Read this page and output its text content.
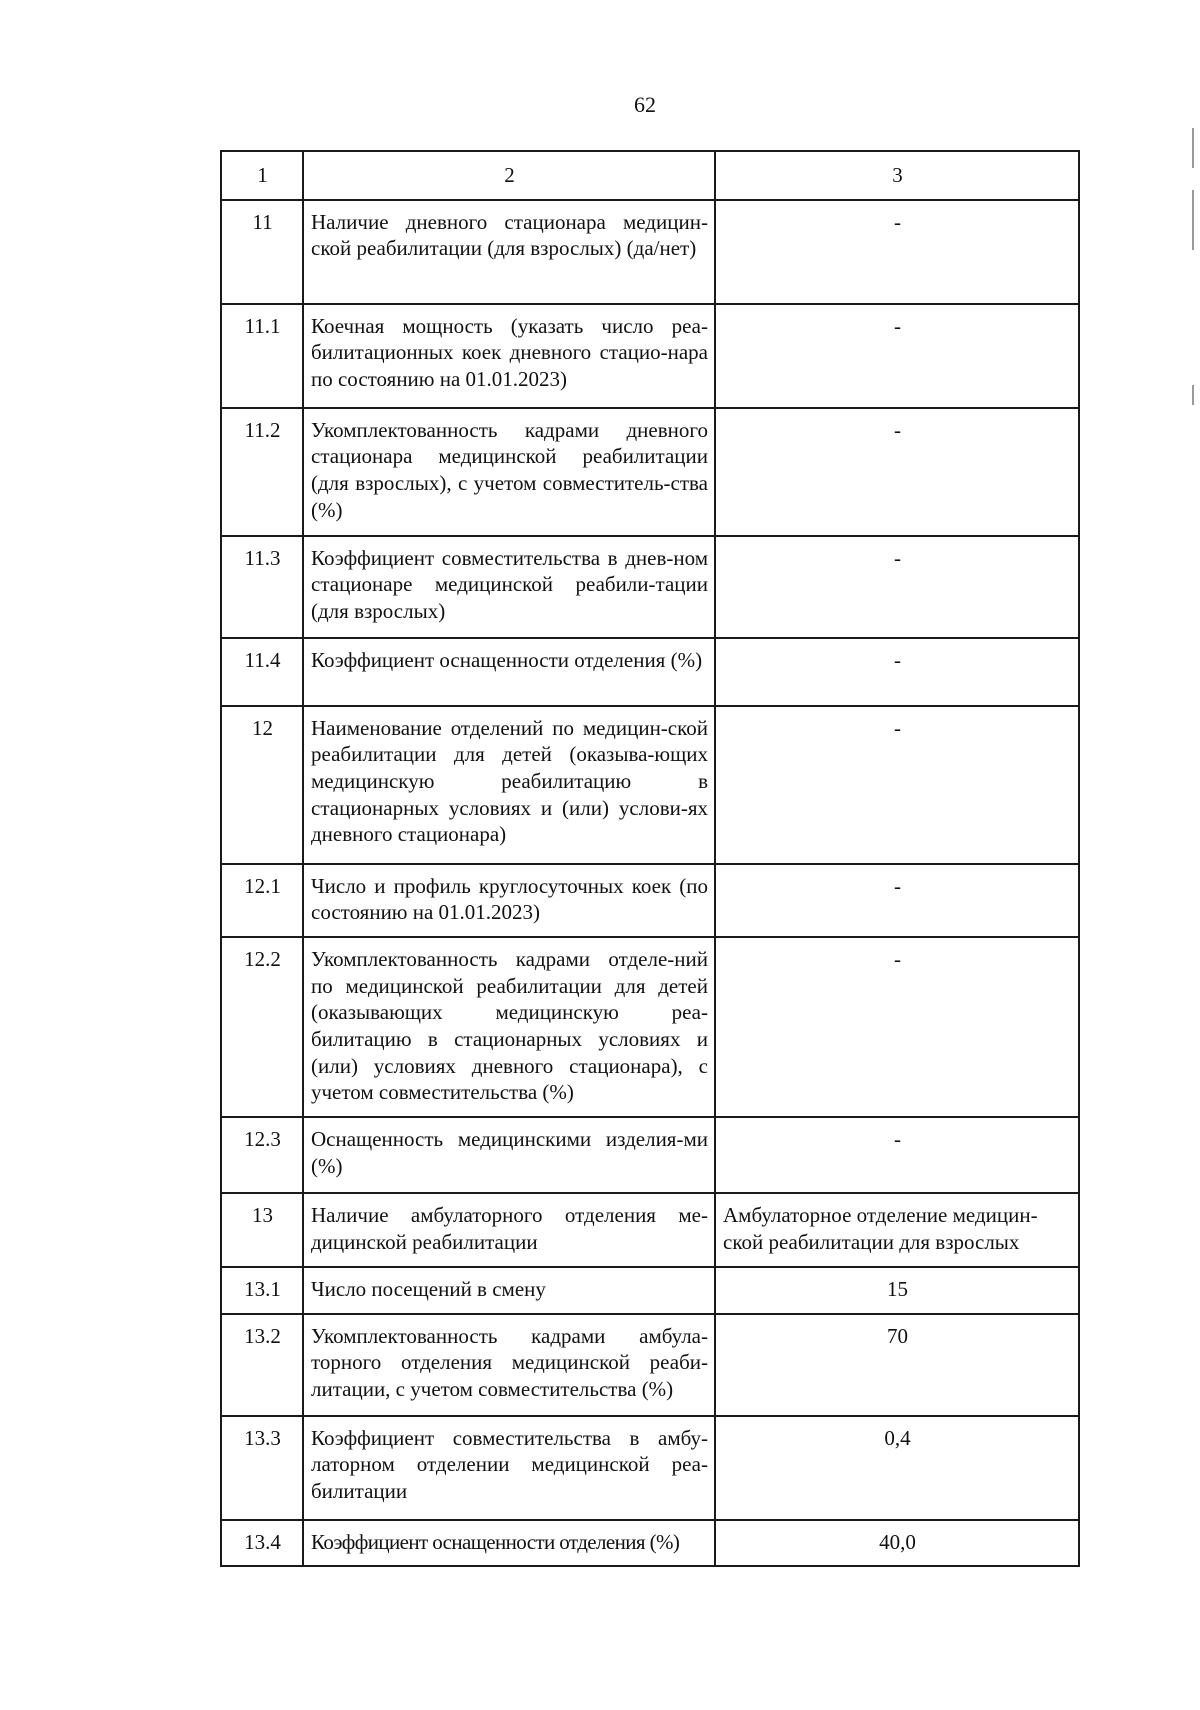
62
1	2	3
11	Наличие дневного стационара медицин-ской реабилитации (для взрослых) (да/нет)	-
11.1	Коечная мощность (указать число реа-билитационных коек дневного стацио-нара по состоянию на 01.01.2023)	-
11.2	Укомплектованность кадрами дневного стационара медицинской реабилитации (для взрослых), с учетом совместитель-ства (%)	-
11.3	Коэффициент совместительства в днев-ном стационаре медицинской реабили-тации (для взрослых)	-
11.4	Коэффициент оснащенности отделения (%)	-
12	Наименование отделений по медицин-ской реабилитации для детей (оказыва-ющих медицинскую реабилитацию в стационарных условиях и (или) услови-ях дневного стационара)	-
12.1	Число и профиль круглосуточных коек (по состоянию на 01.01.2023)	-
12.2	Укомплектованность кадрами отделе-ний по медицинской реабилитации для детей (оказывающих медицинскую реа-билитацию в стационарных условиях и (или) условиях дневного стационара), с учетом совместительства (%)	-
12.3	Оснащенность медицинскими изделия-ми (%)	-
13	Наличие амбулаторного отделения ме-дицинской реабилитации	Амбулаторное отделение медицин-ской реабилитации для взрослых
13.1	Число посещений в смену	15
13.2	Укомплектованность кадрами амбула-торного отделения медицинской реаби-литации, с учетом совместительства (%)	70
13.3	Коэффициент совместительства в амбу-латорном отделении медицинской реа-билитации	0,4
13.4	Коэффициент оснащенности отделения (%)	40,0
